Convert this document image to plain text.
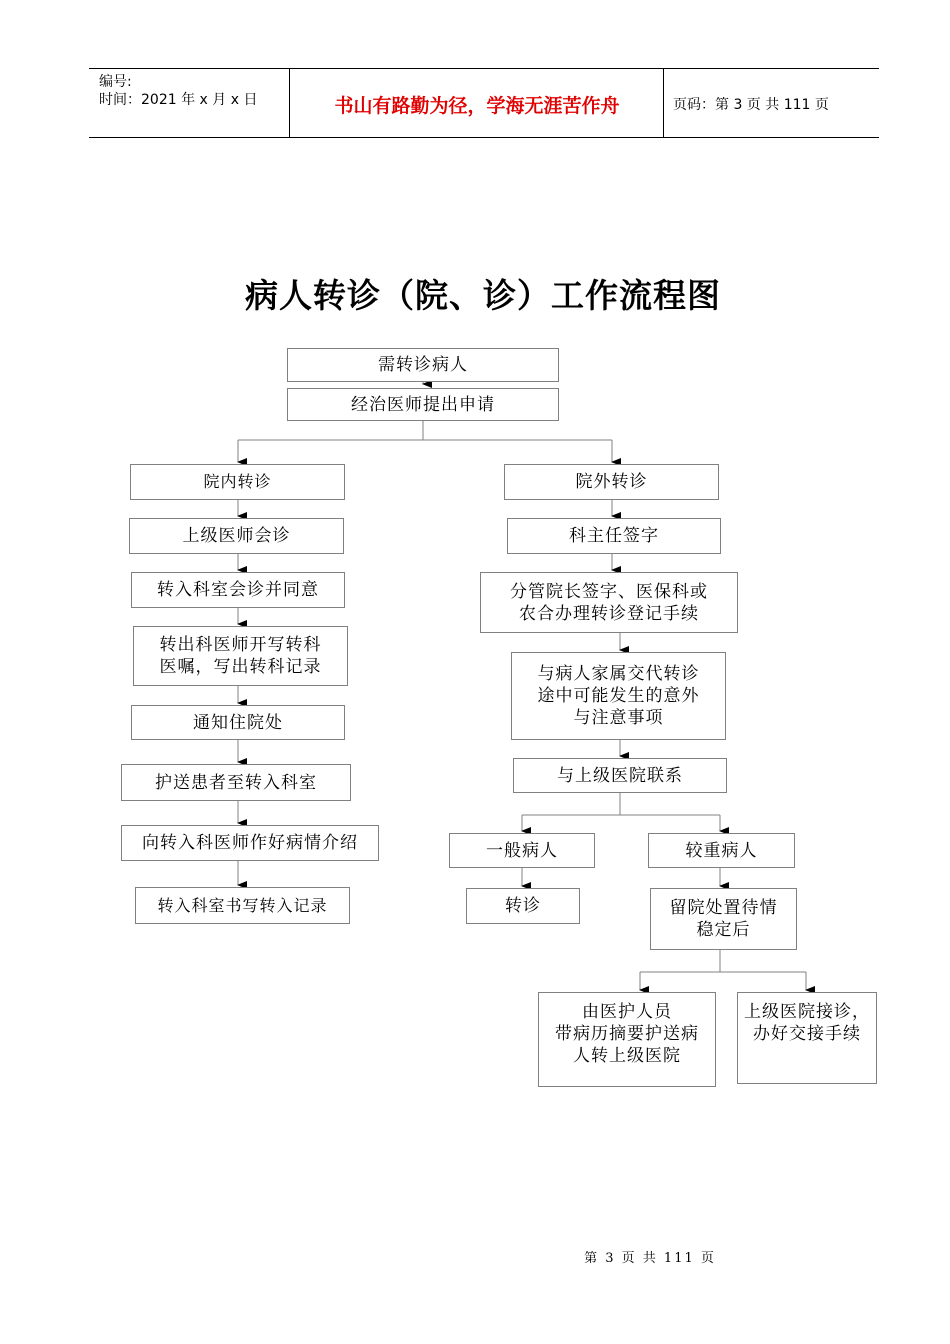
编号:
时间：2021 年 x 月 x 日	书山有路勤为径，学海无涯苦作舟	页码：第 3 页 共 111 页
病人转诊（院、诊）工作流程图
需转诊病人
经治医师提出申请
院内转诊
上级医师会诊
转入科室会诊并同意
转出科医师开写转科
医嘱，写出转科记录
通知住院处
护送患者至转入科室
向转入科医师作好病情介绍
转入科室书写转入记录
院外转诊
科主任签字
分管院长签字、医保科或
农合办理转诊登记手续
与病人家属交代转诊
途中可能发生的意外
与注意事项
与上级医院联系
一般病人	较重病人
转诊	留院处置待情
稳定后
由医护人员
带病历摘要护送病
人转上级医院
上级医院接诊，
办好交接手续
第 3 页 共 111 页
